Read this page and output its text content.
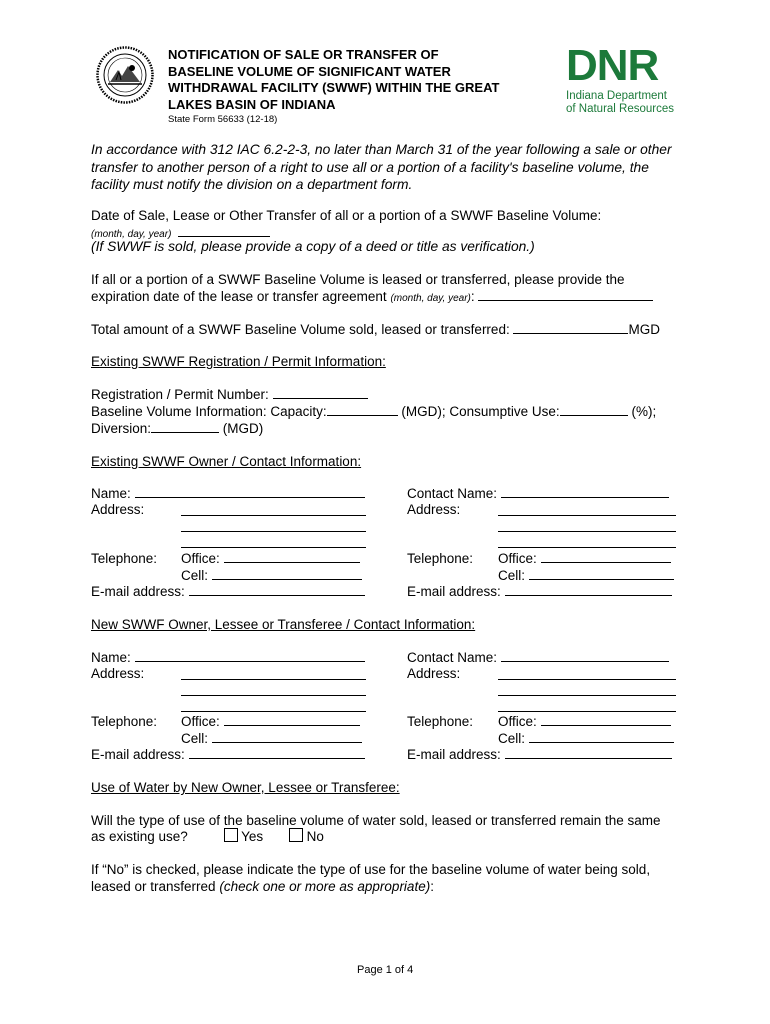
NOTIFICATION OF SALE OR TRANSFER OF
BASELINE VOLUME OF SIGNIFICANT WATER
WITHDRAWAL FACILITY (SWWF) WITHIN THE GREAT
LAKES BASIN OF INDIANA
State Form 56633 (12-18)
DNR
Indiana Department
of Natural Resources
In accordance with 312 IAC 6.2-2-3, no later than March 31 of the year following a sale or other
transfer to another person of a right to use all or a portion of a facility's baseline volume, the
facility must notify the division on a department form.
Date of Sale, Lease or Other Transfer of all or a portion of a SWWF Baseline Volume:
(month, day, year)
(If SWWF is sold, please provide a copy of a deed or title as verification.)
If all or a portion of a SWWF Baseline Volume is leased or transferred, please provide the
expiration date of the lease or transfer agreement (month, day, year):
Total amount of a SWWF Baseline Volume sold, leased or transferred:	MGD
Existing SWWF Registration / Permit Information:
Registration / Permit Number:
Baseline Volume Information: Capacity:	(MGD); Consumptive Use:	(%);
Diversion:	(MGD)
Existing SWWF Owner / Contact Information:
Name:
Address:
Telephone: Office:
Cell:
E-mail address:
Contact Name:
Address:
Telephone: Office:
Cell:
E-mail address:
New SWWF Owner, Lessee or Transferee / Contact Information:
Name:
Address:
Telephone: Office:
Cell:
E-mail address:
Contact Name:
Address:
Telephone: Office:
Cell:
E-mail address:
Use of Water by New Owner, Lessee or Transferee:
Will the type of use of the baseline volume of water sold, leased or transferred remain the same
as existing use?	Yes	No
If “No” is checked, please indicate the type of use for the baseline volume of water being sold,
leased or transferred (check one or more as appropriate):
Page 1 of 4
